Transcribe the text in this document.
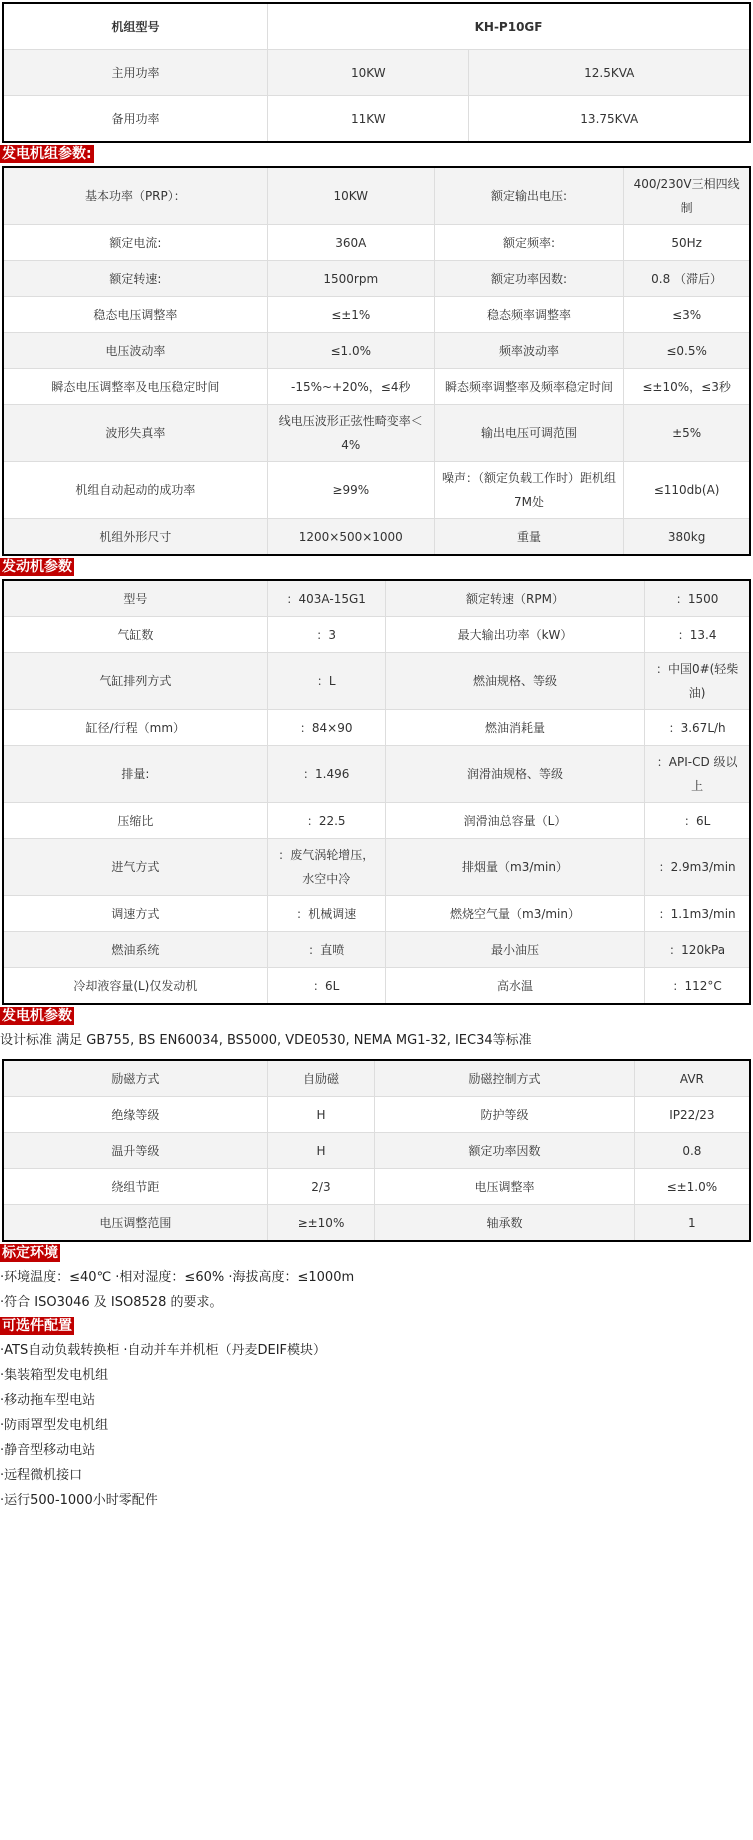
机组型号	KH-P10GF	
主用功率	10KW	12.5KVA
备用功率	11KW	13.75KVA
发电机组参数:
基本功率（PRP）：	10KW	额定输出电压:	400/230V三相四线制
额定电流:	360A	额定频率:	50Hz
额定转速:	1500rpm	额定功率因数:	0.8 （滞后）
稳态电压调整率	≤±1%	稳态频率调整率	≤3%
电压波动率	≤1.0%	频率波动率	≤0.5%
瞬态电压调整率及电压稳定时间	-15%~+20%，≤4秒	瞬态频率调整率及频率稳定时间	≤±10%，≤3秒
波形失真率	线电压波形正弦性畸变率＜4%	输出电压可调范围	±5%
机组自动起动的成功率	≥99%	噪声：（额定负载工作时）距机组7M处	≤110db(A)
机组外形尺寸	1200×500×1000	重量	380kg
发动机参数
型号	：403A-15G1	额定转速（RPM）	：1500
气缸数	：3	最大输出功率（kW）	：13.4
气缸排列方式	：L	燃油规格、等级	：中国0#(轻柴油)
缸径/行程（mm）	：84×90	燃油消耗量	：3.67L/h
排量:	：1.496	润滑油规格、等级	：API-CD 级以上
压缩比	：22.5	润滑油总容量（L）	：6L
进气方式	：废气涡轮增压，水空中冷	排烟量（m3/min）	：2.9m3/min
调速方式	：机械调速	燃烧空气量（m3/min）	：1.1m3/min
燃油系统	：直喷	最小油压	：120kPa
冷却液容量(L)仅发动机	：6L	高水温	：112°C
发电机参数
设计标准 满足 GB755, BS EN60034, BS5000, VDE0530, NEMA MG1-32, IEC34等标准
励磁方式	自励磁	励磁控制方式	AVR
绝缘等级	H	防护等级	IP22/23
温升等级	H	额定功率因数	0.8
绕组节距	2/3	电压调整率	≤±1.0%
电压调整范围	≥±10%	轴承数	1
标定环境
·环境温度：≤40℃ ·相对湿度：≤60% ·海拔高度：≤1000m
·符合 ISO3046 及 ISO8528 的要求。
可选件配置
·ATS自动负载转换柜 ·自动并车并机柜（丹麦DEIF模块）
·集装箱型发电机组
·移动拖车型电站
·防雨罩型发电机组
·静音型移动电站
·远程微机接口
·运行500-1000小时零配件
